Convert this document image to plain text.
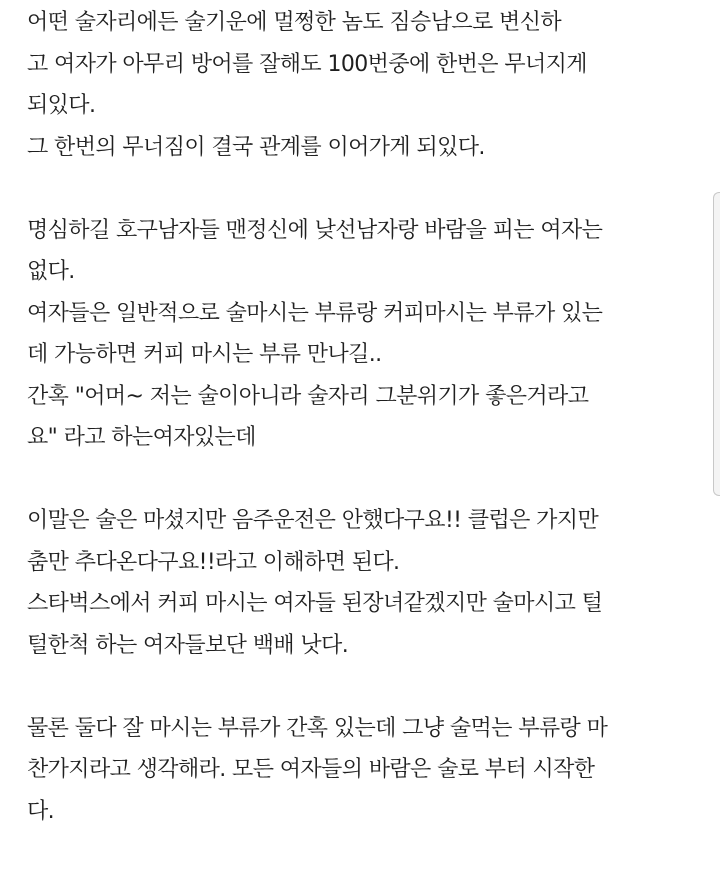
어떤 술자리에든 술기운에 멀쩡한 놈도 짐승남으로 변신하
고 여자가 아무리 방어를 잘해도 100번중에 한번은 무너지게
되있다.
그 한번의 무너짐이 결국 관계를 이어가게 되있다.
명심하길 호구남자들 맨정신에 낮선남자랑 바람을 피는 여자는
없다.
여자들은 일반적으로 술마시는 부류랑 커피마시는 부류가 있는
데 가능하면 커피 마시는 부류 만나길..
간혹 "어머~ 저는 술이아니라 술자리 그분위기가 좋은거라고
요" 라고 하는여자있는데
이말은 술은 마셨지만 음주운전은 안했다구요!! 클럽은 가지만
춤만 추다온다구요!!라고 이해하면 된다.
스타벅스에서 커피 마시는 여자들 된장녀같겠지만 술마시고 털
털한척 하는 여자들보단 백배 낫다.
물론 둘다 잘 마시는 부류가 간혹 있는데 그냥 술먹는 부류랑 마
찬가지라고 생각해라. 모든 여자들의 바람은 술로 부터 시작한
다.
